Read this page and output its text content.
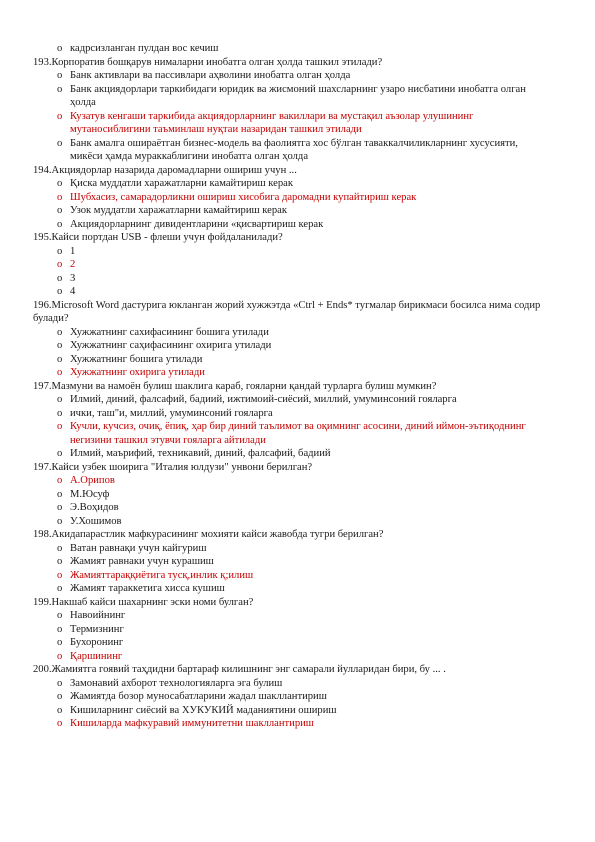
o кадрсизланган пулдан вос кечиш

193.Корпоратив бошқарув нималарни инобатга олган ҳолда ташкил этилади?

o Банк активлари ва пассивлари аҳволини инобатга олган ҳолда
o Банк акциядорлари таркибидаги юридик ва жисмоний шахсларнинг узаро нисбатини инобатга олган ҳолда
o Кузатув кенгаши таркибида акциядорларнинг вакиллари ва мустақил аъзолар улушининг мутаносиблигини таъминлаш нуқтаи назаридан ташкил этилади
o Банк амалга ошираётган бизнес-модель ва фаолиятга хос бўлган таваккалчиликларнинг хусусияти, микёси ҳамда мураккаблигини инобатга олган ҳолда

194.Акциядорлар назарида даромадларни ошириш учун ...

o Қиска муддатли харажатларни камайтириш керак
o Шубхасиз, самарадорликни ошириш хисобига даромадни купайтириш керак
o Узок муддатли харажатларни камайтириш керак
o Акциядорларнинг дивидентларини «қисвартириш керак

195.Кайси портдан USB - флеши учун фойдаланилади?

o 1
o 2
o 3
o 4

196.Microsoft Word дастурига юкланган жорий хужжэтда «Ctrl + Ends* тугмалар бирикмаси босилса нима содир булади?

o Хужжатнинг сахифасининг бошига утилади
o Хужжатнинг саҳифасининг охирига утилади
o Хужжатнинг бошига утилади
o Хужжатнинг охирига утилади

197.Мазмуни ва намоён булиш шаклига караб, гояларни қандай турларга булиш мумкин?

o Илмий, диний, фалсафий, бадиий, ижтимоий-сиёсий, миллий, умуминсоний гояларга
o ички, таш"и, миллий, умуминсоний гояларга
o Кучли, кучсиз, очиқ, ёпиқ, ҳар бир диний таълимот ва оқимнинг асосини, диний иймон-эътиқоднинг негизини ташкил этувчи гояларга айтилади
o Илмий, маърифий, техникавий, диний, фалсафий, бадиий

197.Кайси узбек шоирига "Италия юлдузи" унвони берилган?

o А.Орипов
o М.Юсуф
o Э.Воҳидов
o У.Хошимов

198.Акидапарастлик мафкурасининг мохияти кайси жавобда тугри берилган?

o Ватан равнақи учун кайгуриш
o Жамият равнаки учун курашиш
o Жамияттараққиётига тусқ,инлик қ;илиш
o Жамият тараккетига хисса кушиш

199.Накшаб кайси шахарнинг эски номи булган?

o Навоийнинг
o Термизнинг
o Бухоронинг
o Қаршининг

200.Жамиятга гоявий таҳдидни бартараф килишнинг энг самарали йулларидан бири, бу ... .

o Замонавий ахборот технологияларга эга булиш
o Жамиятда бозор муносабатларини жадал шакллантириш
o Кишиларнинг сиёсий ва ХУКУКИЙ маданиятини ошириш
o Кишиларда мафкуравий иммунитетни шакллантириш
